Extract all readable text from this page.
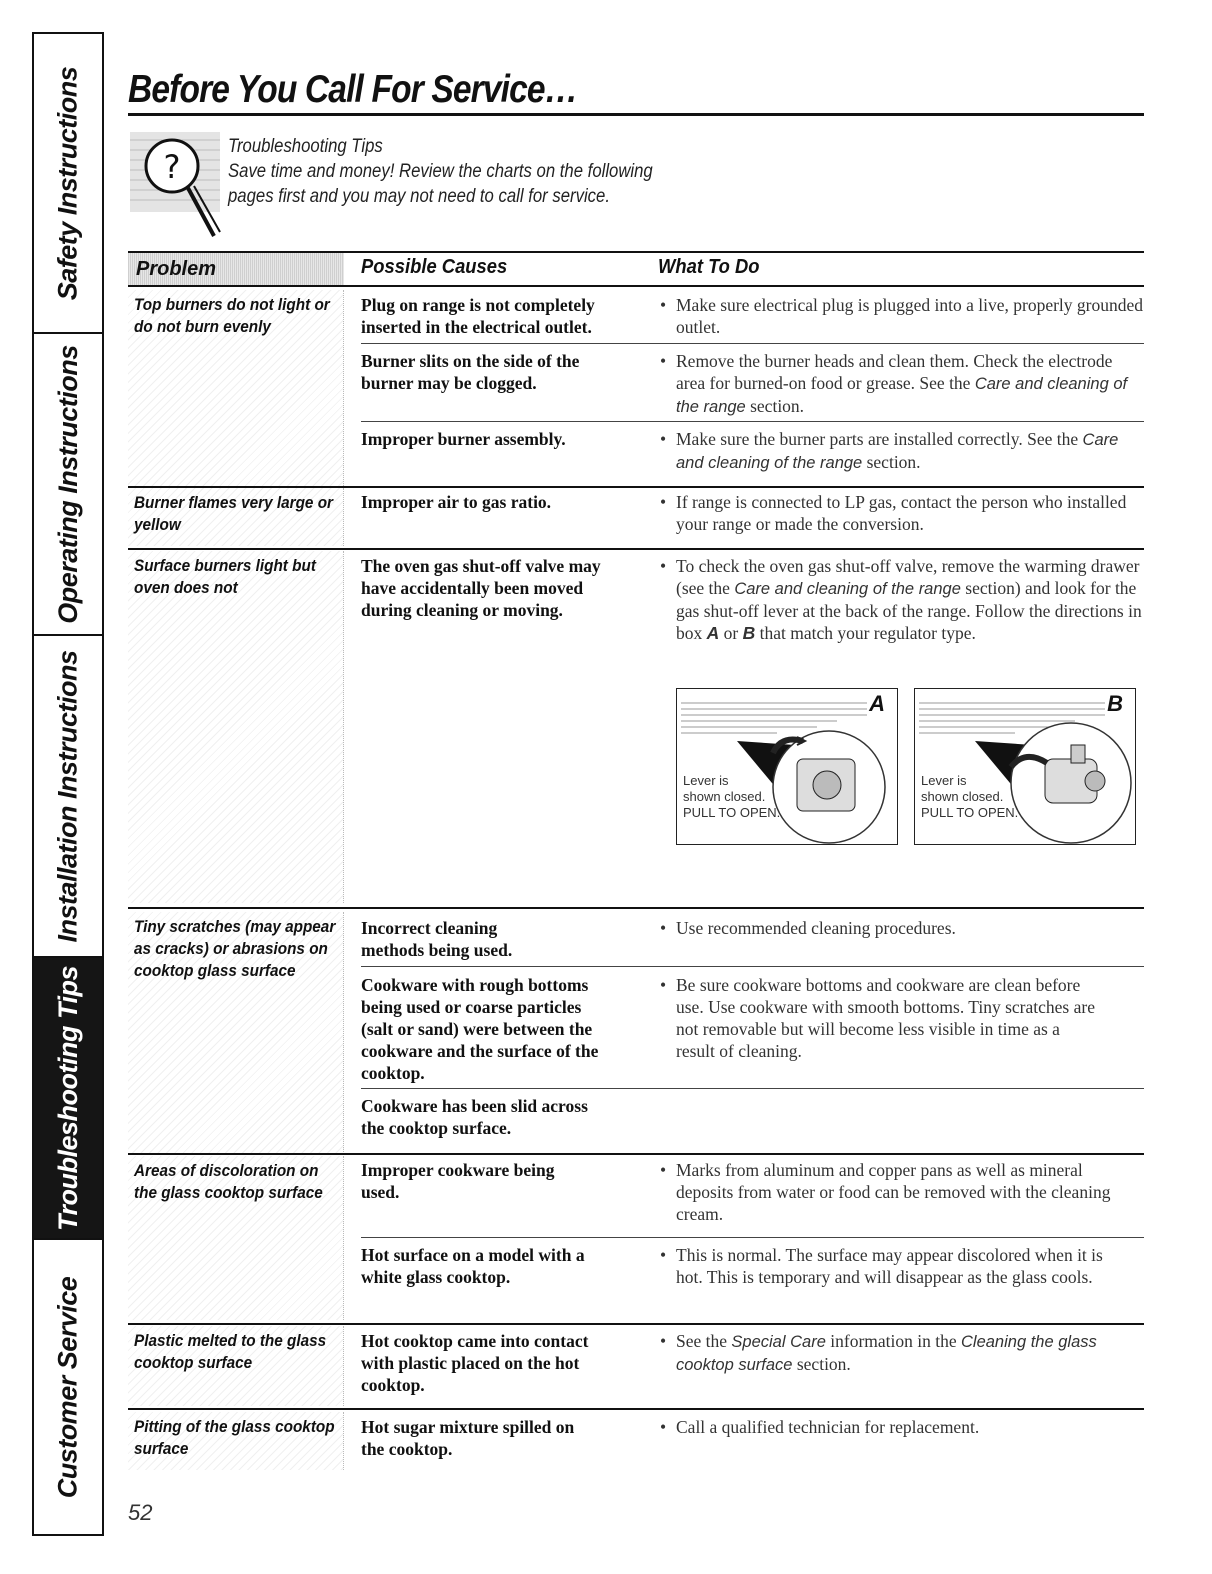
Safety Instructions
Operating Instructions
Installation Instructions
Troubleshooting Tips
Customer Service
Before You Call For Service…
?
Troubleshooting Tips
Save time and money! Review the charts on the following
pages first and you may not need to call for service.
Problem	Possible Causes	What To Do
Top burners do not light or do not burn evenly
Burner flames very large or yellow
Surface burners light but oven does not
Tiny scratches (may appear as cracks) or abrasions on cooktop glass surface
Areas of discoloration on the glass cooktop surface
Plastic melted to the glass cooktop surface
Pitting of the glass cooktop surface
Plug on range is not completely inserted in the electrical outlet.
Burner slits on the side of the burner may be clogged.
Improper burner assembly.
Improper air to gas ratio.
The oven gas shut-off valve may have accidentally been moved during cleaning or moving.
Incorrect cleaning methods being used.
Cookware with rough bottoms being used or coarse particles (salt or sand) were between the cookware and the surface of the cooktop.
Cookware has been slid across the cooktop surface.
Improper cookware being used.
Hot surface on a model with a white glass cooktop.
Hot cooktop came into contact with plastic placed on the hot cooktop.
Hot sugar mixture spilled on the cooktop.
• Make sure electrical plug is plugged into a live, properly grounded outlet.
• Remove the burner heads and clean them. Check the electrode area for burned-on food or grease. See the Care and cleaning of the range section.
• Make sure the burner parts are installed correctly. See the Care and cleaning of the range section.
• If range is connected to LP gas, contact the person who installed your range or made the conversion.
• To check the oven gas shut-off valve, remove the warming drawer (see the Care and cleaning of the range section) and look for the gas shut-off lever at the back of the range. Follow the directions in box A or B that match your regulator type.
A
Lever is
shown closed.
PULL TO OPEN.
B
Lever is
shown closed.
PULL TO OPEN.
• Use recommended cleaning procedures.
• Be sure cookware bottoms and cookware are clean before use. Use cookware with smooth bottoms. Tiny scratches are not removable but will become less visible in time as a result of cleaning.
• Marks from aluminum and copper pans as well as mineral deposits from water or food can be removed with the cleaning cream.
• This is normal. The surface may appear discolored when it is hot. This is temporary and will disappear as the glass cools.
• See the Special Care information in the Cleaning the glass cooktop surface section.
• Call a qualified technician for replacement.
52
